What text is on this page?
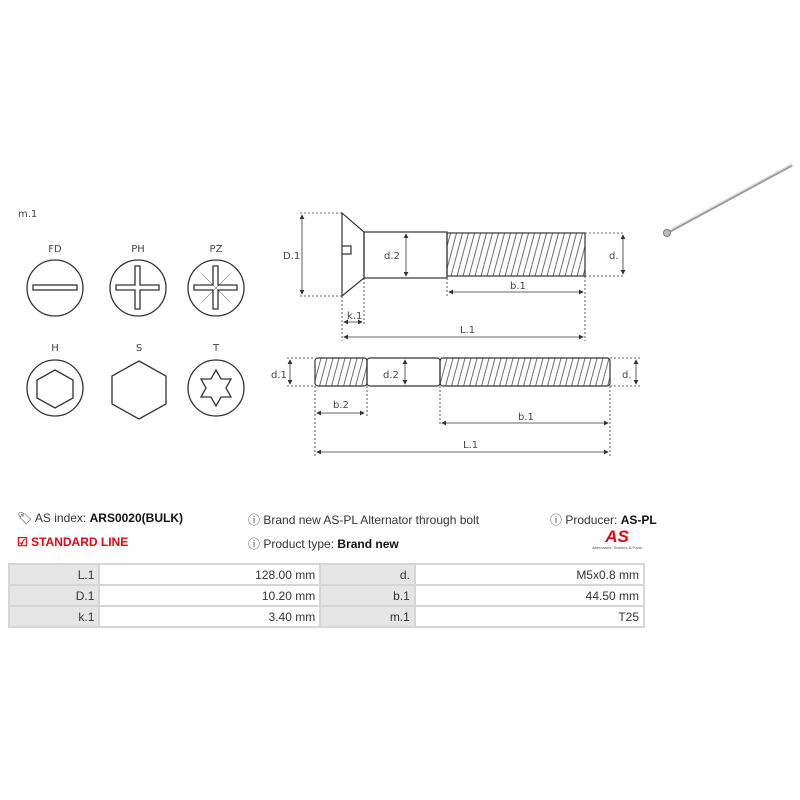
m.1
FD	PH	PZ
H	S	T
D.1	d.2	d.
b.1
k.1
L.1
d.1	d.2	d.
b.2
b.1
L.1
🏷 AS index: ARS0020(BULK)
☑ STANDARD LINE
ⓘ Brand new AS-PL Alternator through bolt
ⓘ Product type: Brand new
ⓘ Producer: AS-PL
AS
Alternators, Starters & Parts
L.1	128.00 mm	d.	M5x0.8 mm
D.1	10.20 mm	b.1	44.50 mm
k.1	3.40 mm	m.1	T25
